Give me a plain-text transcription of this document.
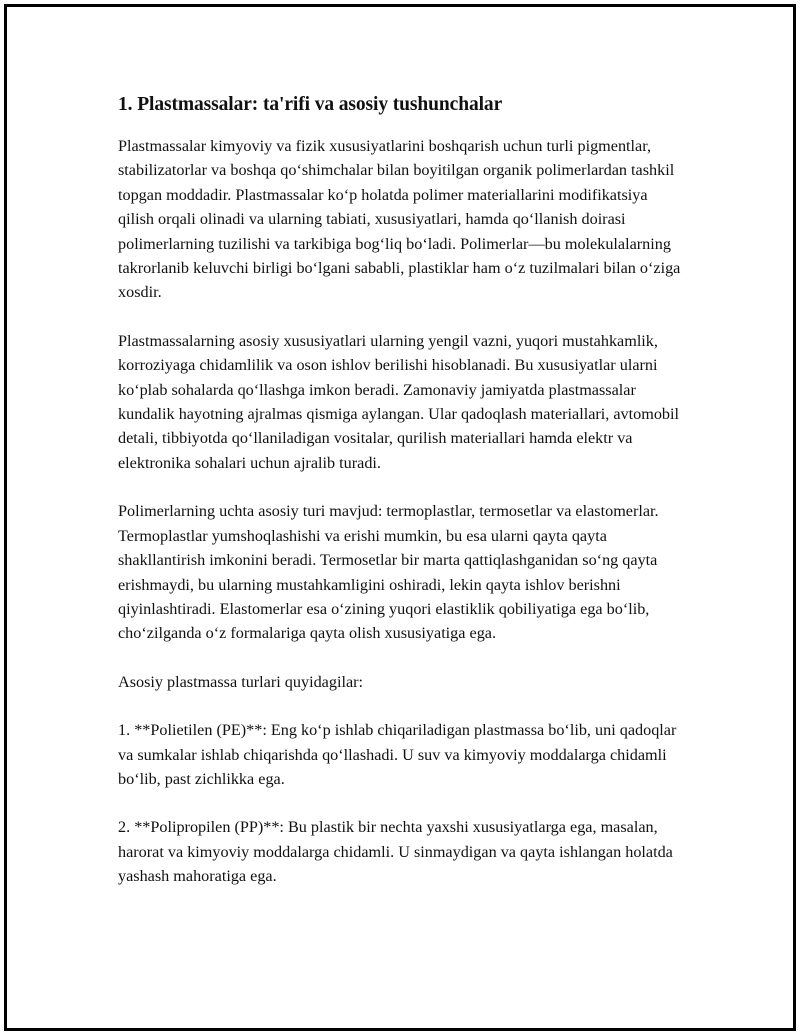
1. Plastmassalar: ta'rifi va asosiy tushunchalar

Plastmassalar kimyoviy va fizik xususiyatlarini boshqarish uchun turli pigmentlar, stabilizatorlar va boshqa qo‘shimchalar bilan boyitilgan organik polimerlardan tashkil topgan moddadir. Plastmassalar ko‘p holatda polimer materiallarini modifikatsiya qilish orqali olinadi va ularning tabiati, xususiyatlari, hamda qo‘llanish doirasi polimerlarning tuzilishi va tarkibiga bog‘liq bo‘ladi. Polimerlar—bu molekulalarning takrorlanib keluvchi birligi bo‘lgani sababli, plastiklar ham o‘z tuzilmalari bilan o‘ziga xosdir.

Plastmassalarning asosiy xususiyatlari ularning yengil vazni, yuqori mustahkamlik, korroziyaga chidamlilik va oson ishlov berilishi hisoblanadi. Bu xususiyatlar ularni ko‘plab sohalarda qo‘llashga imkon beradi. Zamonaviy jamiyatda plastmassalar kundalik hayotning ajralmas qismiga aylangan. Ular qadoqlash materiallari, avtomobil detali, tibbiyotda qo‘llaniladigan vositalar, qurilish materiallari hamda elektr va elektronika sohalari uchun ajralib turadi.

Polimerlarning uchta asosiy turi mavjud: termoplastlar, termosetlar va elastomerlar. Termoplastlar yumshoqlashishi va erishi mumkin, bu esa ularni qayta qayta shakllantirish imkonini beradi. Termosetlar bir marta qattiqlashganidan so‘ng qayta erishmaydi, bu ularning mustahkamligini oshiradi, lekin qayta ishlov berishni qiyinlashtiradi. Elastomerlar esa o‘zining yuqori elastiklik qobiliyatiga ega bo‘lib, cho‘zilganda o‘z formalariga qayta olish xususiyatiga ega.

Asosiy plastmassa turlari quyidagilar:

1. **Polietilen (PE)**: Eng ko‘p ishlab chiqariladigan plastmassa bo‘lib, uni qadoqlar va sumkalar ishlab chiqarishda qo‘llashadi. U suv va kimyoviy moddalarga chidamli bo‘lib, past zichlikka ega.

2. **Polipropilen (PP)**: Bu plastik bir nechta yaxshi xususiyatlarga ega, masalan, harorat va kimyoviy moddalarga chidamli. U sinmaydigan va qayta ishlangan holatda yashash mahoratiga ega.
